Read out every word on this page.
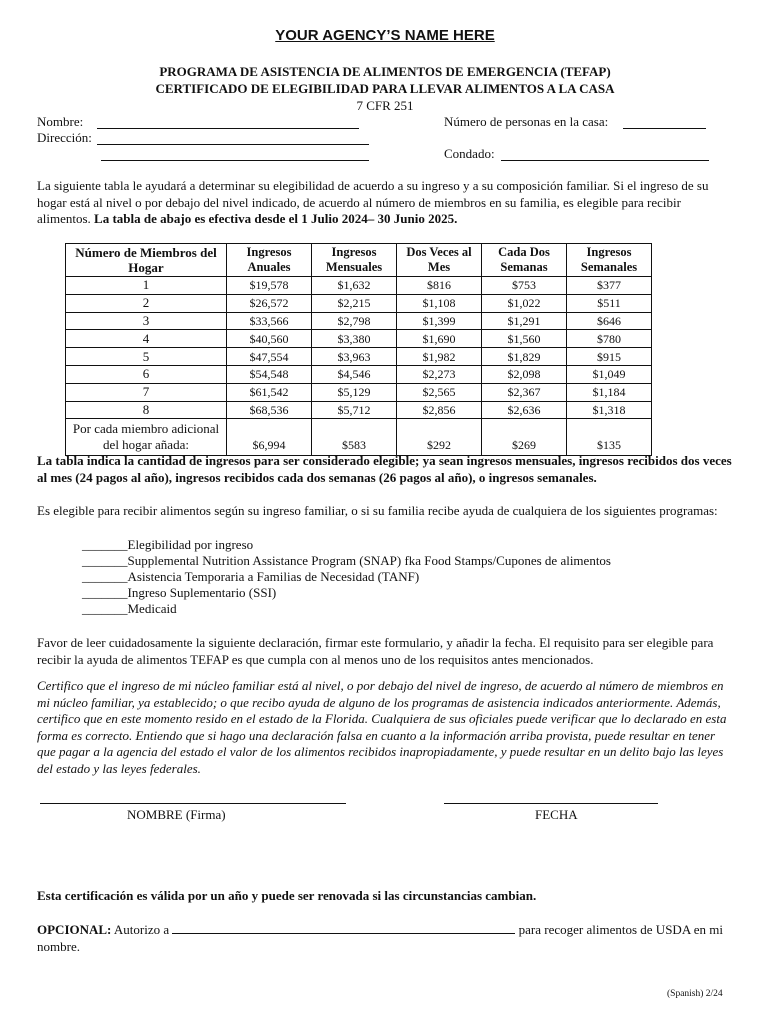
YOUR AGENCY’S NAME HERE
PROGRAMA DE ASISTENCIA DE ALIMENTOS DE EMERGENCIA (TEFAP)
CERTIFICADO DE ELEGIBILIDAD PARA LLEVAR ALIMENTOS A LA CASA
7 CFR 251
Nombre:	Número de personas en la casa:
Dirección:
Condado:
La siguiente tabla le ayudará a determinar su elegibilidad de acuerdo a su ingreso y a su composición familiar. Si el ingreso de su hogar está al nivel o por debajo del nivel indicado, de acuerdo al número de miembros en su familia, es elegible para recibir alimentos. La tabla de abajo es efectiva desde el 1 Julio 2024– 30 Junio 2025.
Número de Miembros del Hogar	Ingresos Anuales	Ingresos Mensuales	Dos Veces al Mes	Cada Dos Semanas	Ingresos Semanales
1	$19,578	$1,632	$816	$753	$377
2	$26,572	$2,215	$1,108	$1,022	$511
3	$33,566	$2,798	$1,399	$1,291	$646
4	$40,560	$3,380	$1,690	$1,560	$780
5	$47,554	$3,963	$1,982	$1,829	$915
6	$54,548	$4,546	$2,273	$2,098	$1,049
7	$61,542	$5,129	$2,565	$2,367	$1,184
8	$68,536	$5,712	$2,856	$2,636	$1,318
Por cada miembro adicional del hogar añada:	$6,994	$583	$292	$269	$135
La tabla indica la cantidad de ingresos para ser considerado elegible; ya sean ingresos mensuales, ingresos recibidos dos veces al mes (24 pagos al año), ingresos recibidos cada dos semanas (26 pagos al año), o ingresos semanales.
Es elegible para recibir alimentos según su ingreso familiar, o si su familia recibe ayuda de cualquiera de los siguientes programas:
_______Elegibilidad por ingreso
_______Supplemental Nutrition Assistance Program (SNAP) fka Food Stamps/Cupones de alimentos
_______Asistencia Temporaria a Familias de Necesidad (TANF)
_______Ingreso Suplementario (SSI)
_______Medicaid
Favor de leer cuidadosamente la siguiente declaración, firmar este formulario, y añadir la fecha. El requisito para ser elegible para recibir la ayuda de alimentos TEFAP es que cumpla con al menos uno de los requisitos antes mencionados.
Certifico que el ingreso de mi núcleo familiar está al nivel, o por debajo del nivel de ingreso, de acuerdo al número de miembros en mi núcleo familiar, ya establecido; o que recibo ayuda de alguno de los programas de asistencia indicados anteriormente. Además, certifico que en este momento resido en el estado de la Florida. Cualquiera de sus oficiales puede verificar que lo declarado en esta forma es correcto. Entiendo que si hago una declaración falsa en cuanto a la información arriba provista, puede resultar en tener que pagar a la agencia del estado el valor de los alimentos recibidos inapropiadamente, y puede resultar en un delito bajo las leyes del estado y las leyes federales.
NOMBRE (Firma)	FECHA
Esta certificación es válida por un año y puede ser renovada si las circunstancias cambian.
OPCIONAL: Autorizo a	para recoger alimentos de USDA en mi nombre.
(Spanish) 2/24
